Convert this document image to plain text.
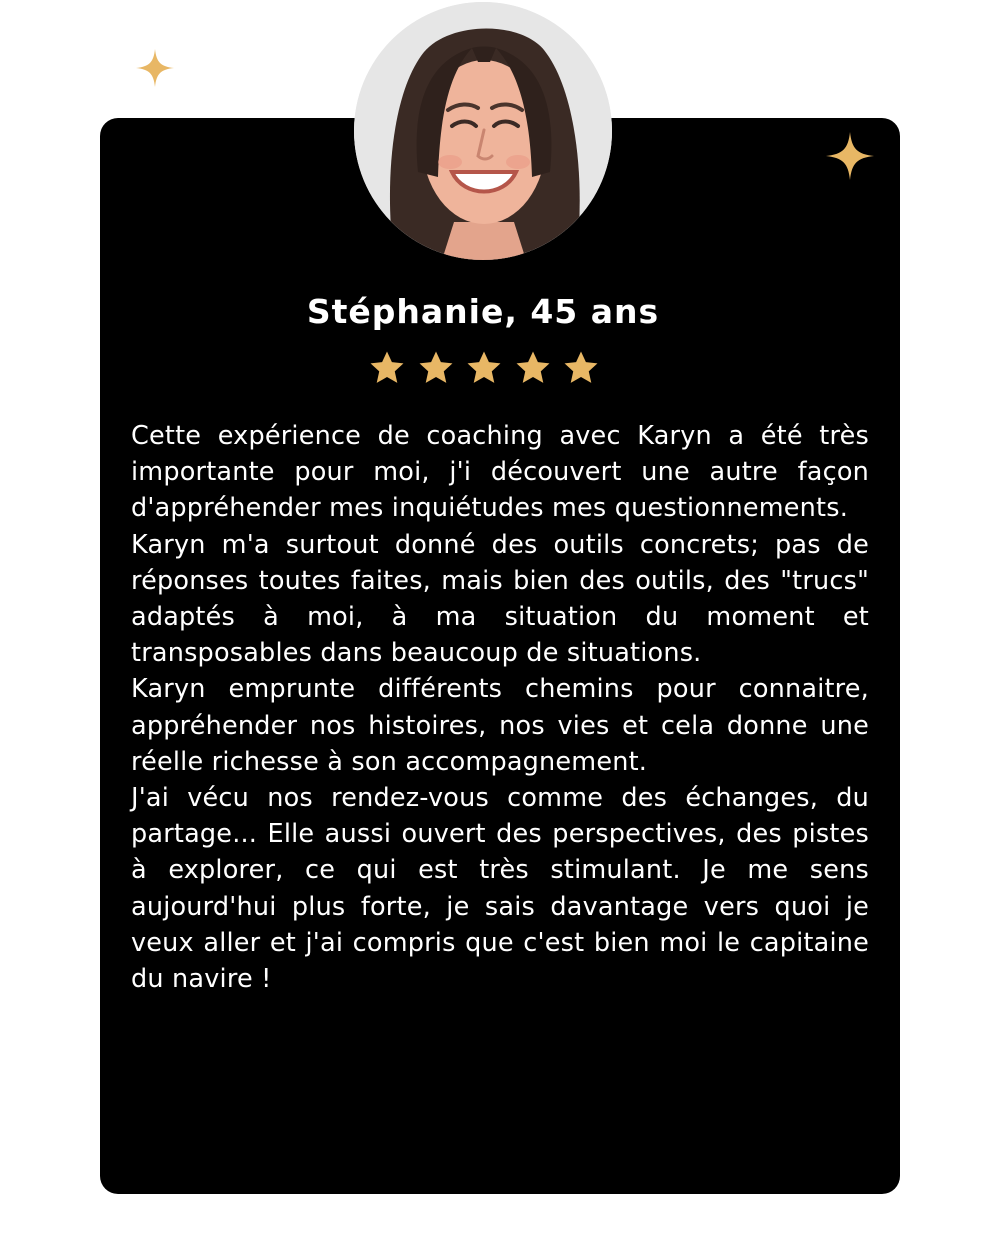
Stéphanie, 45 ans

Cette expérience de coaching avec Karyn a été très importante pour moi, j'i découvert une autre façon d'appréhender mes inquiétudes mes questionnements.

Karyn m'a surtout donné des outils concrets; pas de réponses toutes faites, mais bien des outils, des "trucs" adaptés à moi, à ma situation du moment et transposables dans beaucoup de situations.

Karyn emprunte différents chemins pour connaitre, appréhender nos histoires, nos vies et cela donne une réelle richesse à son accompagnement.

J'ai vécu nos rendez-vous comme des échanges, du partage... Elle aussi ouvert des perspectives, des pistes à explorer, ce qui est très stimulant. Je me sens aujourd'hui plus forte, je sais davantage vers quoi je veux aller et j'ai compris que c'est bien moi le capitaine du navire !
